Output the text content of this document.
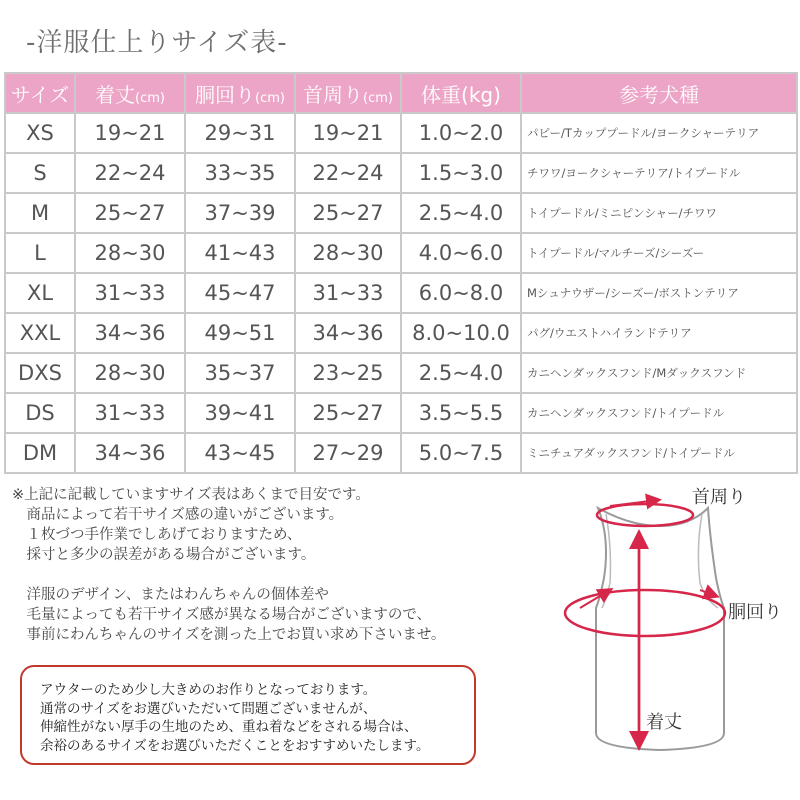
-洋服仕上りサイズ表-
サイズ	着丈(cm)	胴回り(cm)	首周り(cm)	体重(kg)	参考犬種
XS	19~21	29~31	19~21	1.0~2.0	パピー/Tカッププードル/ヨークシャーテリア
S	22~24	33~35	22~24	1.5~3.0	チワワ/ヨークシャーテリア/トイプードル
M	25~27	37~39	25~27	2.5~4.0	トイプードル/ミニピンシャー/チワワ
L	28~30	41~43	28~30	4.0~6.0	トイプードル/マルチーズ/シーズー
XL	31~33	45~47	31~33	6.0~8.0	Mシュナウザー/シーズー/ボストンテリア
XXL	34~36	49~51	34~36	8.0~10.0	パグ/ウエストハイランドテリア
DXS	28~30	35~37	23~25	2.5~4.0	カニヘンダックスフンド/Mダックスフンド
DS	31~33	39~41	25~27	3.5~5.5	カニヘンダックスフンド/トイプードル
DM	34~36	43~45	27~29	5.0~7.5	ミニチュアダックスフンド/トイプードル

※上記に記載していますサイズ表はあくまで目安です。

　商品によって若干サイズ感の違いがございます。

　１枚づつ手作業でしあげておりますため、

　採寸と多少の誤差がある場合がございます。

　洋服のデザイン、またはわんちゃんの個体差や

　毛量によっても若干サイズ感が異なる場合がございますので、

　事前にわんちゃんのサイズを測った上でお買い求め下さいませ。

アウターのため少し大きめのお作りとなっております。

通常のサイズをお選びいただいて問題ございませんが、

伸縮性がない厚手の生地のため、重ね着などをされる場合は、

余裕のあるサイズをお選びいただくことをおすすめいたします。

首周り
胴回り
着丈
